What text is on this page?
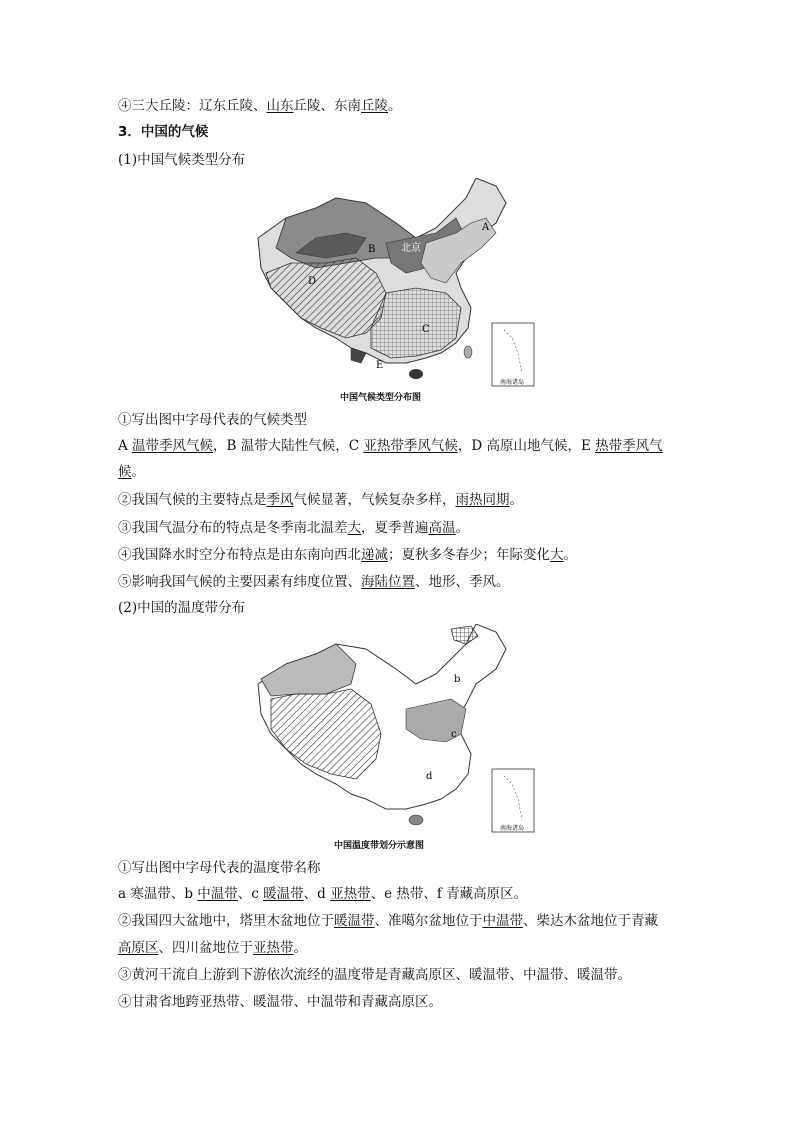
④三大丘陵：辽东丘陵、山东丘陵、东南丘陵。
3．中国的气候
(1)中国气候类型分布
A
B
C
D
E
北京
南海诸岛
中国气候类型分布图
①写出图中字母代表的气候类型
A 温带季风气候，B 温带大陆性气候，C 亚热带季风气候，D 高原山地气候，E 热带季风气
候。
②我国气候的主要特点是季风气候显著，气候复杂多样，雨热同期。
③我国气温分布的特点是冬季南北温差大，夏季普遍高温。
④我国降水时空分布特点是由东南向西北递减；夏秋多冬春少；年际变化大。
⑤影响我国气候的主要因素有纬度位置、海陆位置、地形、季风。
(2)中国的温度带分布
b
c
d
南海诸岛
中国温度带划分示意图
①写出图中字母代表的温度带名称
a 寒温带、b 中温带、c 暖温带、d 亚热带、e 热带、f 青藏高原区。
②我国四大盆地中，塔里木盆地位于暖温带、准噶尔盆地位于中温带、柴达木盆地位于青藏
高原区、四川盆地位于亚热带。
③黄河干流自上游到下游依次流经的温度带是青藏高原区、暖温带、中温带、暖温带。
④甘肃省地跨亚热带、暖温带、中温带和青藏高原区。
